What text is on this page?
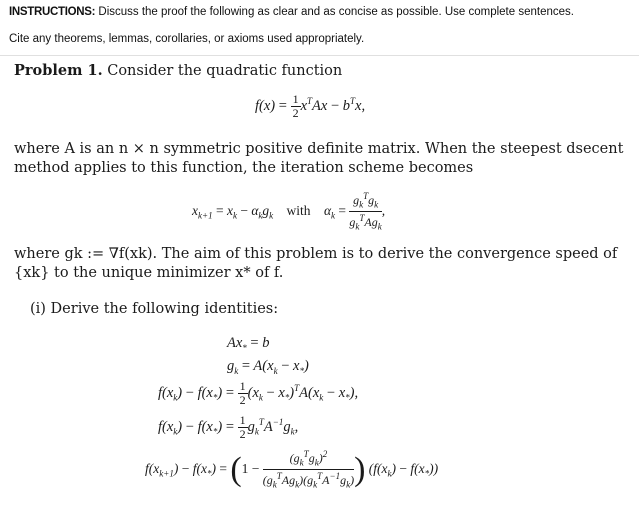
INSTRUCTIONS: Discuss the proof the following as clear and as concise as possible. Use complete sentences.
Cite any theorems, lemmas, corollaries, or axioms used appropriately.
Problem 1. Consider the quadratic function
$f(x) = \frac{1}{2} x^TAx - b^Tx$,
where A is an n × n symmetric positive definite matrix. When the steepest dsecent method applies to this function, the iteration scheme becomes
$x_{k+1} = x_k - \alpha_kg_k$ with $\alpha_k = \frac{g_k^Tg_k}{g_k^TAg_k}$ ,
where gk := ∇f(xk). The aim of this problem is to derive the convergence speed of {xk} to the unique minimizer x* of f.
(i) Derive the following identities:
$Ax_* = b$
$g_k = A(x_k - x_*)$
$f(x_k) - f(x_*) = \frac{1}{2} (x_k - x_*)^TA(x_k - x_*)$,
$f(x_k) - f(x_*) = \frac{1}{2} g_k^TA^{-1}g_k$,
$f(x_{k+1}) - f(x_*) = (1 - \frac{(g_k^Tg_k)^2}{(g_k^TAg_k)(g_k^TA^{-1}g_k)}$ ) $(f(x_k) - f(x_*))$
